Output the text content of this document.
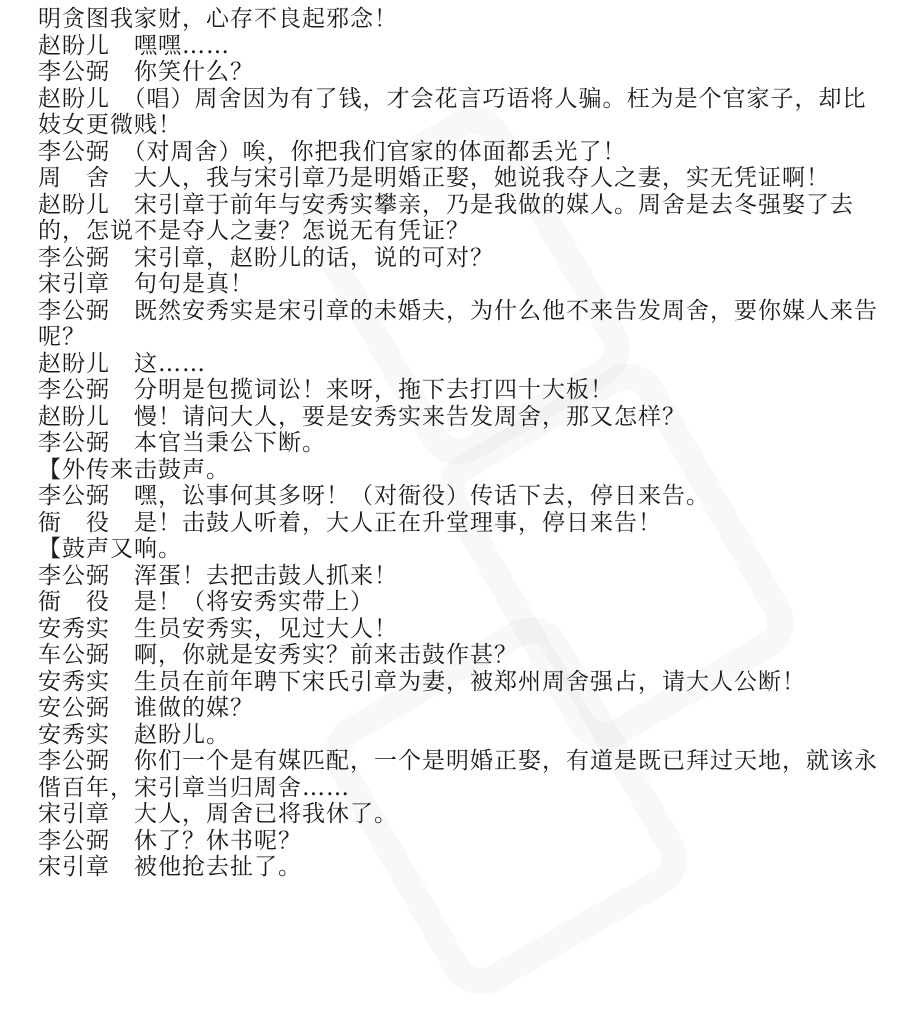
明贪图我家财，心存不良起邪念！

赵盼儿　嘿嘿……

李公弼　你笑什么？

赵盼儿　（唱）周舍因为有了钱，才会花言巧语将人骗。枉为是个官家子，却比妓女更微贱！

李公弼　（对周舍）唉，你把我们官家的体面都丢光了！

周　舍　大人，我与宋引章乃是明婚正娶，她说我夺人之妻，实无凭证啊！

赵盼儿　宋引章于前年与安秀实攀亲，乃是我做的媒人。周舍是去冬强娶了去的，怎说不是夺人之妻？怎说无有凭证？

李公弼　宋引章，赵盼儿的话，说的可对？

宋引章　句句是真！

李公弼　既然安秀实是宋引章的未婚夫，为什么他不来告发周舍，要你媒人来告呢？

赵盼儿　这……

李公弼　分明是包揽词讼！来呀，拖下去打四十大板！

赵盼儿　慢！请问大人，要是安秀实来告发周舍，那又怎样？

李公弼　本官当秉公下断。

【外传来击鼓声。

李公弼　嘿，讼事何其多呀！（对衙役）传话下去，停日来告。

衙　役　是！击鼓人听着，大人正在升堂理事，停日来告！

【鼓声又响。

李公弼　浑蛋！去把击鼓人抓来！

衙　役　是！（将安秀实带上）

安秀实　生员安秀实，见过大人！

车公弼　啊，你就是安秀实？前来击鼓作甚？

安秀实　生员在前年聘下宋氏引章为妻，被郑州周舍强占，请大人公断！

安公弼　谁做的媒？

安秀实　赵盼儿。

李公弼　你们一个是有媒匹配，一个是明婚正娶，有道是既已拜过天地，就该永偕百年，宋引章当归周舍……

宋引章　大人，周舍已将我休了。

李公弼　休了？休书呢？

宋引章　被他抢去扯了。
